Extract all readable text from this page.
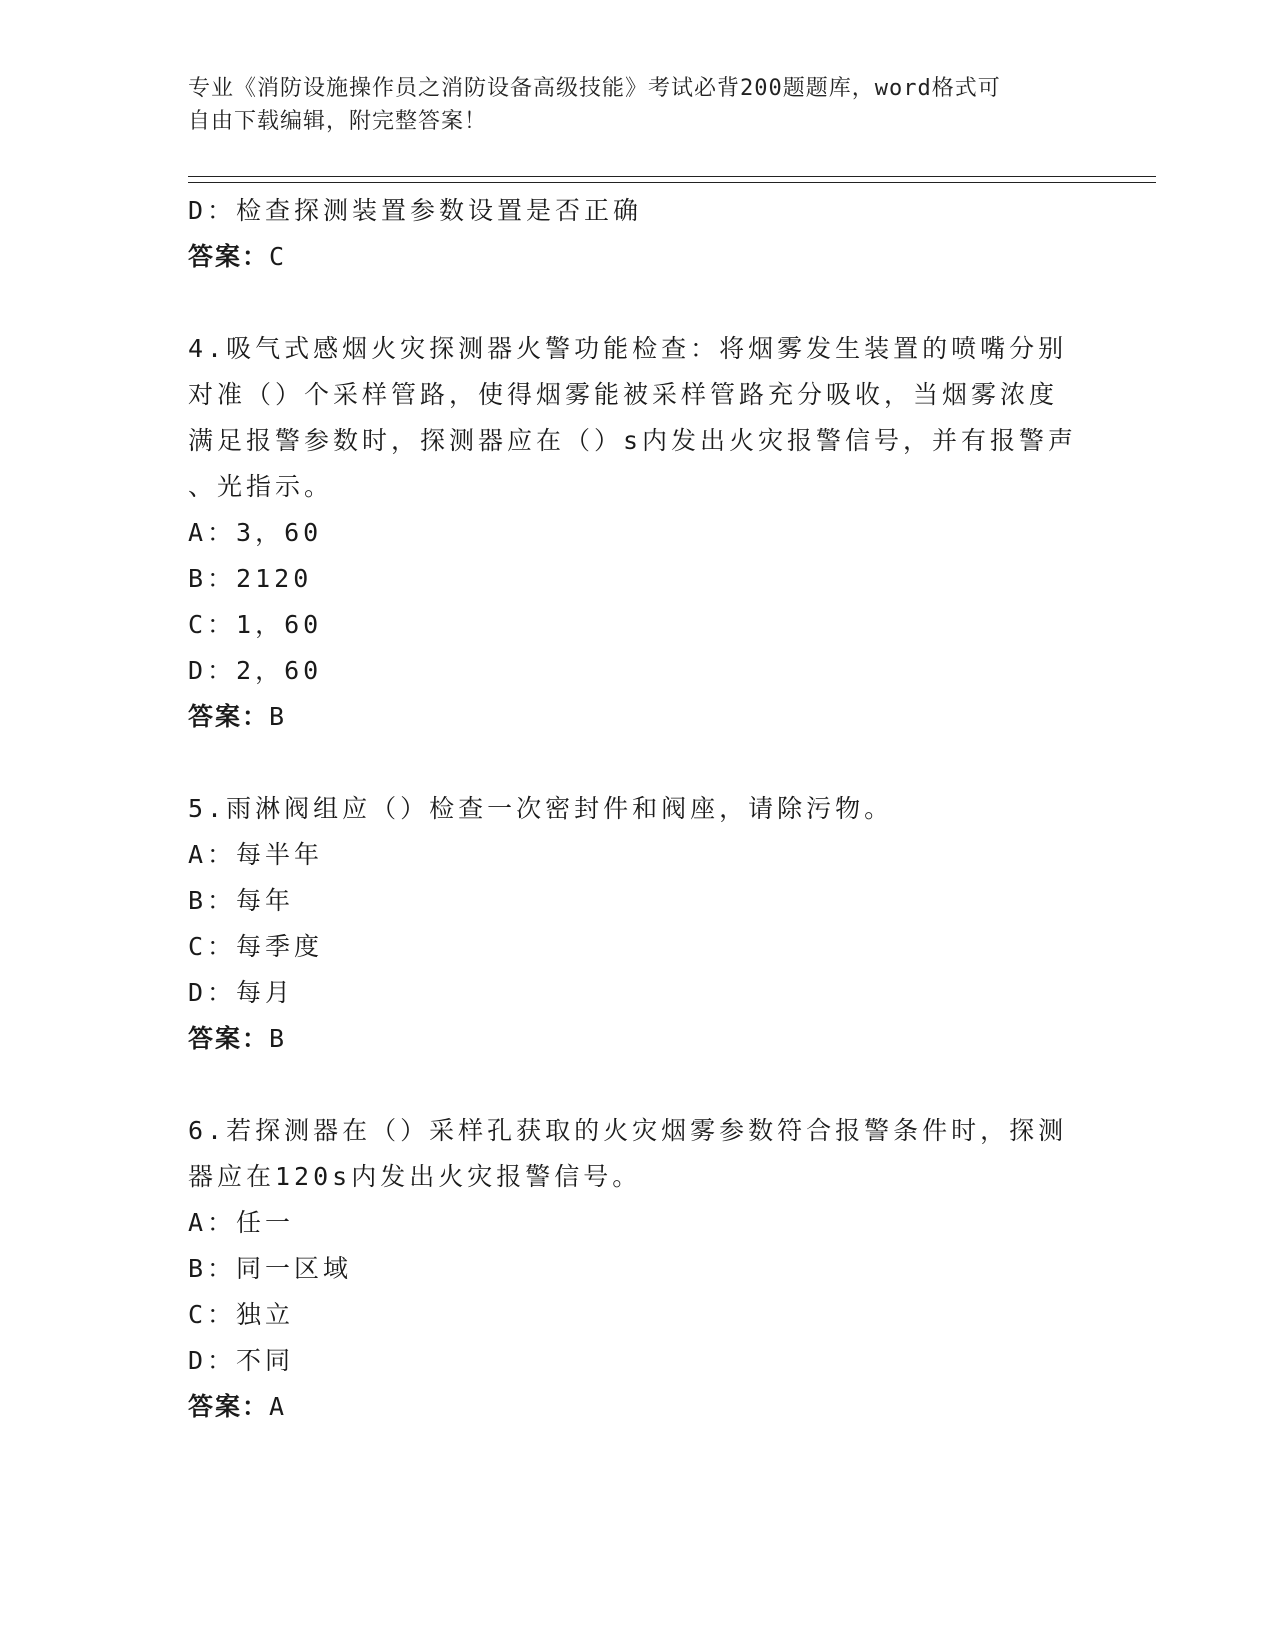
专业《消防设施操作员之消防设备高级技能》考试必背200题题库，word格式可
自由下载编辑，附完整答案！
D：检查探测装置参数设置是否正确
答案：C
4.吸气式感烟火灾探测器火警功能检查：将烟雾发生装置的喷嘴分别
对准（）个采样管路，使得烟雾能被采样管路充分吸收，当烟雾浓度
满足报警参数时，探测器应在（）s内发出火灾报警信号，并有报警声
、光指示。
A：3，60
B：2120
C：1，60
D：2，60
答案：B
5.雨淋阀组应（）检查一次密封件和阀座，请除污物。
A：每半年
B：每年
C：每季度
D：每月
答案：B
6.若探测器在（）采样孔获取的火灾烟雾参数符合报警条件时，探测
器应在120s内发出火灾报警信号。
A：任一
B：同一区域
C：独立
D：不同
答案：A
